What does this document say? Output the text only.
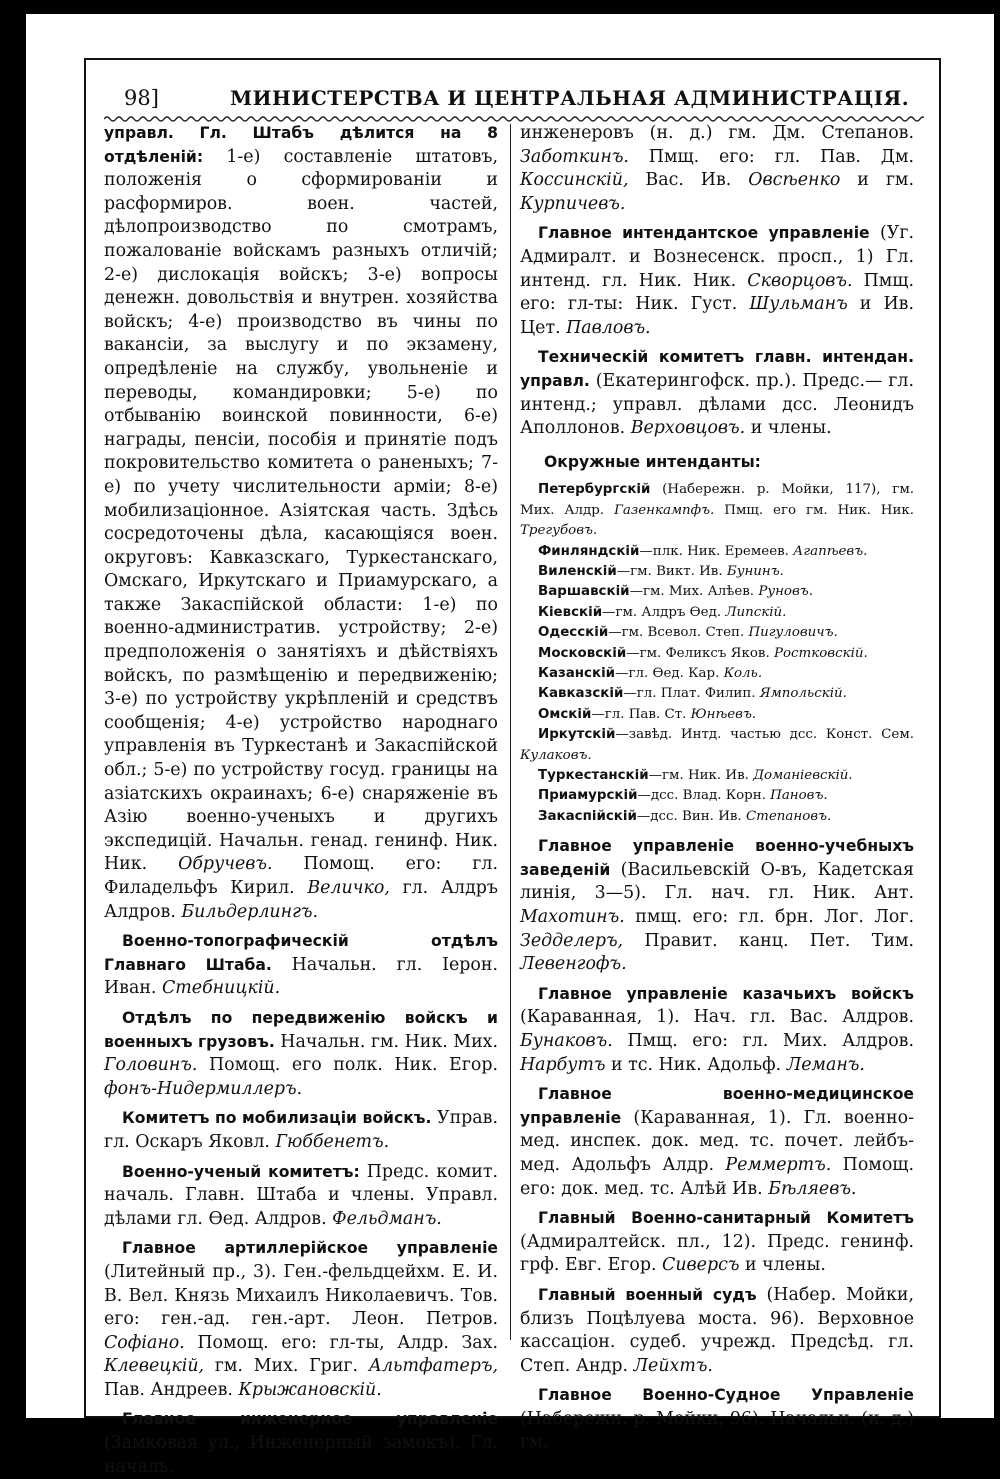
98]	МИНИСТЕРСТВА И ЦЕНТРАЛЬНАЯ АДМИНИСТРАЦІЯ.

управл. Гл. Штабъ дѣлится на 8 отдѣленій: 1-е) составленіе штатовъ, положенія о сформированіи и расформиров. воен. частей, дѣлопроизводство по смотрамъ, пожалованіе войскамъ разныхъ отличій; 2-е) дислокація войскъ; 3-е) вопросы денежн. довольствія и внутрен. хозяйства войскъ; 4-е) производство въ чины по вакансіи, за выслугу и по экзамену, опредѣленіе на службу, увольненіе и переводы, командировки; 5-е) по отбыванію воинской повинности, 6-е) награды, пенсіи, пособія и принятіе подъ покровительство комитета о раненыхъ; 7-е) по учету числительности арміи; 8-е) мобилизаціонное. Азіятская часть. Здѣсь сосредоточены дѣла, касающіяся воен. округовъ: Кавказскаго, Туркестанскаго, Омскаго, Иркутскаго и Приамурскаго, а также Закаспійской области: 1-е) по военно-административ. устройству; 2-е) предположенія о занятіяхъ и дѣйствіяхъ войскъ, по размѣщенію и передвиженію; 3-е) по устройству укрѣпленій и средствъ сообщенія; 4-е) устройство народнаго управленія въ Туркестанѣ и Закаспійской обл.; 5-е) по устройству госуд. границы на азіатскихъ окраинахъ; 6-е) снаряженіе въ Азію военно-ученыхъ и другихъ экспедицій. Начальн. генад. генинф. Ник. Ник. Обручевъ. Помощ. его: гл. Филадельфъ Кирил. Величко, гл. Алдръ Алдров. Бильдерлингъ.

Военно-топографическій отдѣлъ Главнаго Штаба. Начальн. гл. Іерон. Иван. Стебницкій.

Отдѣлъ по передвиженію войскъ и военныхъ грузовъ. Начальн. гм. Ник. Мих. Головинъ. Помощ. его полк. Ник. Егор. фонъ-Нидермиллеръ.

Комитетъ по мобилизаціи войскъ. Управ. гл. Оскаръ Яковл. Гюббенетъ.

Военно-ученый комитетъ: Предс. комит. началь. Главн. Штаба и члены. Управл. дѣлами гл. Ѳед. Алдров. Фельдманъ.

Главное артиллерійское управленіе (Литейный пр., 3). Ген.-фельдцейхм. Е. И. В. Вел. Князь Михаилъ Николаевичъ. Тов. его: ген.-ад. ген.-арт. Леон. Петров. Софіано. Помощ. его: гл-ты, Алдр. Зах. Клевецкій, гм. Мих. Григ. Альтфатеръ, Пав. Андреев. Крыжановскій.

Главное инженерное управленіе (Замковая ул., Инженерный замокъ). Гл. началь.

инженеровъ (н. д.) гм. Дм. Степанов. Заботкинъ. Пмщ. его: гл. Пав. Дм. Коссинскій, Вас. Ив. Овсѣенко и гм. Курпичевъ.

Главное интендантское управленіе (Уг. Адмиралт. и Вознесенск. просп., 1) Гл. интенд. гл. Ник. Ник. Скворцовъ. Пмщ. его: гл-ты: Ник. Густ. Шульманъ и Ив. Цет. Павловъ.

Техническій комитетъ главн. интендан. управл. (Екатерингофск. пр.). Предс.— гл. интенд.; управл. дѣлами дсс. Леонидъ Аполлонов. Верховцовъ. и члены.

Окружные интенданты:

Петербургскій (Набережн. р. Мойки, 117), гм. Мих. Алдр. Газенкампфъ. Пмщ. его гм. Ник. Ник. Трегубовъ.

Финляндскій—плк. Ник. Еремеев. Агапѣевъ.

Виленскій—гм. Викт. Ив. Бунинъ.

Варшавскій—гм. Мих. Алѣев. Руновъ.

Кіевскій—гм. Алдръ Ѳед. Липскій.

Одесскій—гм. Всевол. Степ. Пигуловичъ.

Московскій—гм. Феликсъ Яков. Ростковскій.

Казанскій—гл. Ѳед. Кар. Коль.

Кавказскій—гл. Плат. Филип. Ямпольскій.

Омскій—гл. Пав. Ст. Юнѣевъ.

Иркутскій—завѣд. Интд. частью дсс. Конст. Сем. Кулаковъ.

Туркестанскій—гм. Ник. Ив. Доманіевскій.

Приамурскій—дсс. Влад. Корн. Пановъ.

Закаспійскій—дсс. Вин. Ив. Степановъ.

Главное управленіе военно-учебныхъ заведеній (Васильевскій О-въ, Кадетская линія, 3—5). Гл. нач. гл. Ник. Ант. Махотинъ. пмщ. его: гл. брн. Лог. Лог. Зедделеръ, Правит. канц. Пет. Тим. Левенгофъ.

Главное управленіе казачьихъ войскъ (Караванная, 1). Нач. гл. Вас. Алдров. Бунаковъ. Пмщ. его: гл. Мих. Алдров. Нарбутъ и тс. Ник. Адольф. Леманъ.

Главное военно-медицинское управленіе (Караванная, 1). Гл. военно-мед. инспек. док. мед. тс. почет. лейбъ-мед. Адольфъ Алдр. Реммертъ. Помощ. его: док. мед. тс. Алѣй Ив. Бѣляевъ.

Главный Военно-санитарный Комитетъ (Адмиралтейск. пл., 12). Предс. генинф. грф. Евг. Егор. Сиверсъ и члены.

Главный военный судъ (Набер. Мойки, близъ Поцѣлуева моста. 96). Верховное кассаціон. судеб. учрежд. Предсѣд. гл. Степ. Андр. Лейхтъ.

Главное Военно-Судное Управленіе (Набережн. р. Мойки, 96). Начальн. (и. д.) гм.
